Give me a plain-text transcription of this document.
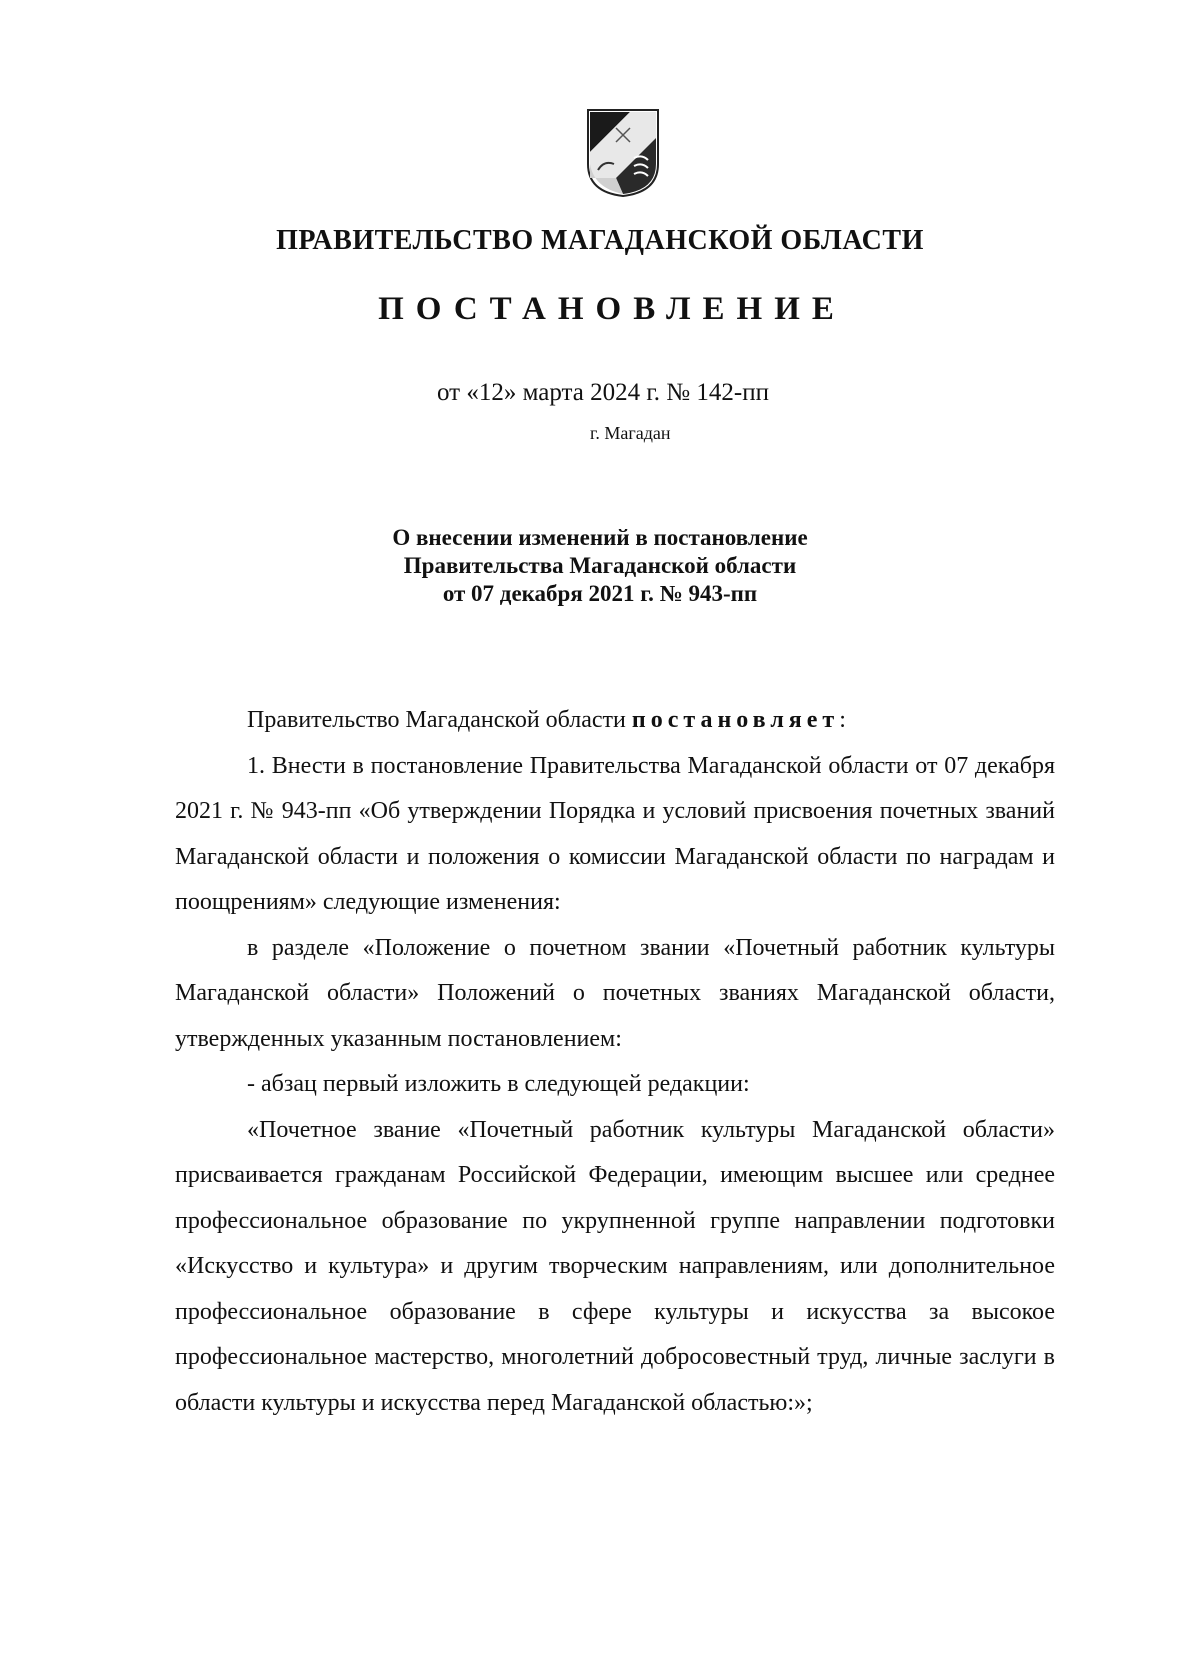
ПРАВИТЕЛЬСТВО МАГАДАНСКОЙ ОБЛАСТИ
ПОСТАНОВЛЕНИЕ
от «12» марта 2024 г. № 142-пп
г. Магадан
О внесении изменений в постановление
Правительства Магаданской области
от 07 декабря 2021 г. № 943-пп

Правительство Магаданской области постановляет:

1. Внести в постановление Правительства Магаданской области от 07 декабря 2021 г. № 943-пп «Об утверждении Порядка и условий присвоения почетных званий Магаданской области и положения о комиссии Магаданской области по наградам и поощрениям» следующие изменения:

в разделе «Положение о почетном звании «Почетный работник культуры Магаданской области» Положений о почетных званиях Магаданской области, утвержденных указанным постановлением:

- абзац первый изложить в следующей редакции:

«Почетное звание «Почетный работник культуры Магаданской области» присваивается гражданам Российской Федерации, имеющим высшее или среднее профессиональное образование по укрупненной группе направлении подготовки «Искусство и культура» и другим творческим направлениям, или дополнительное профессиональное образование в сфере культуры и искусства за высокое профессиональное мастерство, многолетний добросовестный труд, личные заслуги в области культуры и искусства перед Магаданской областью:»;
